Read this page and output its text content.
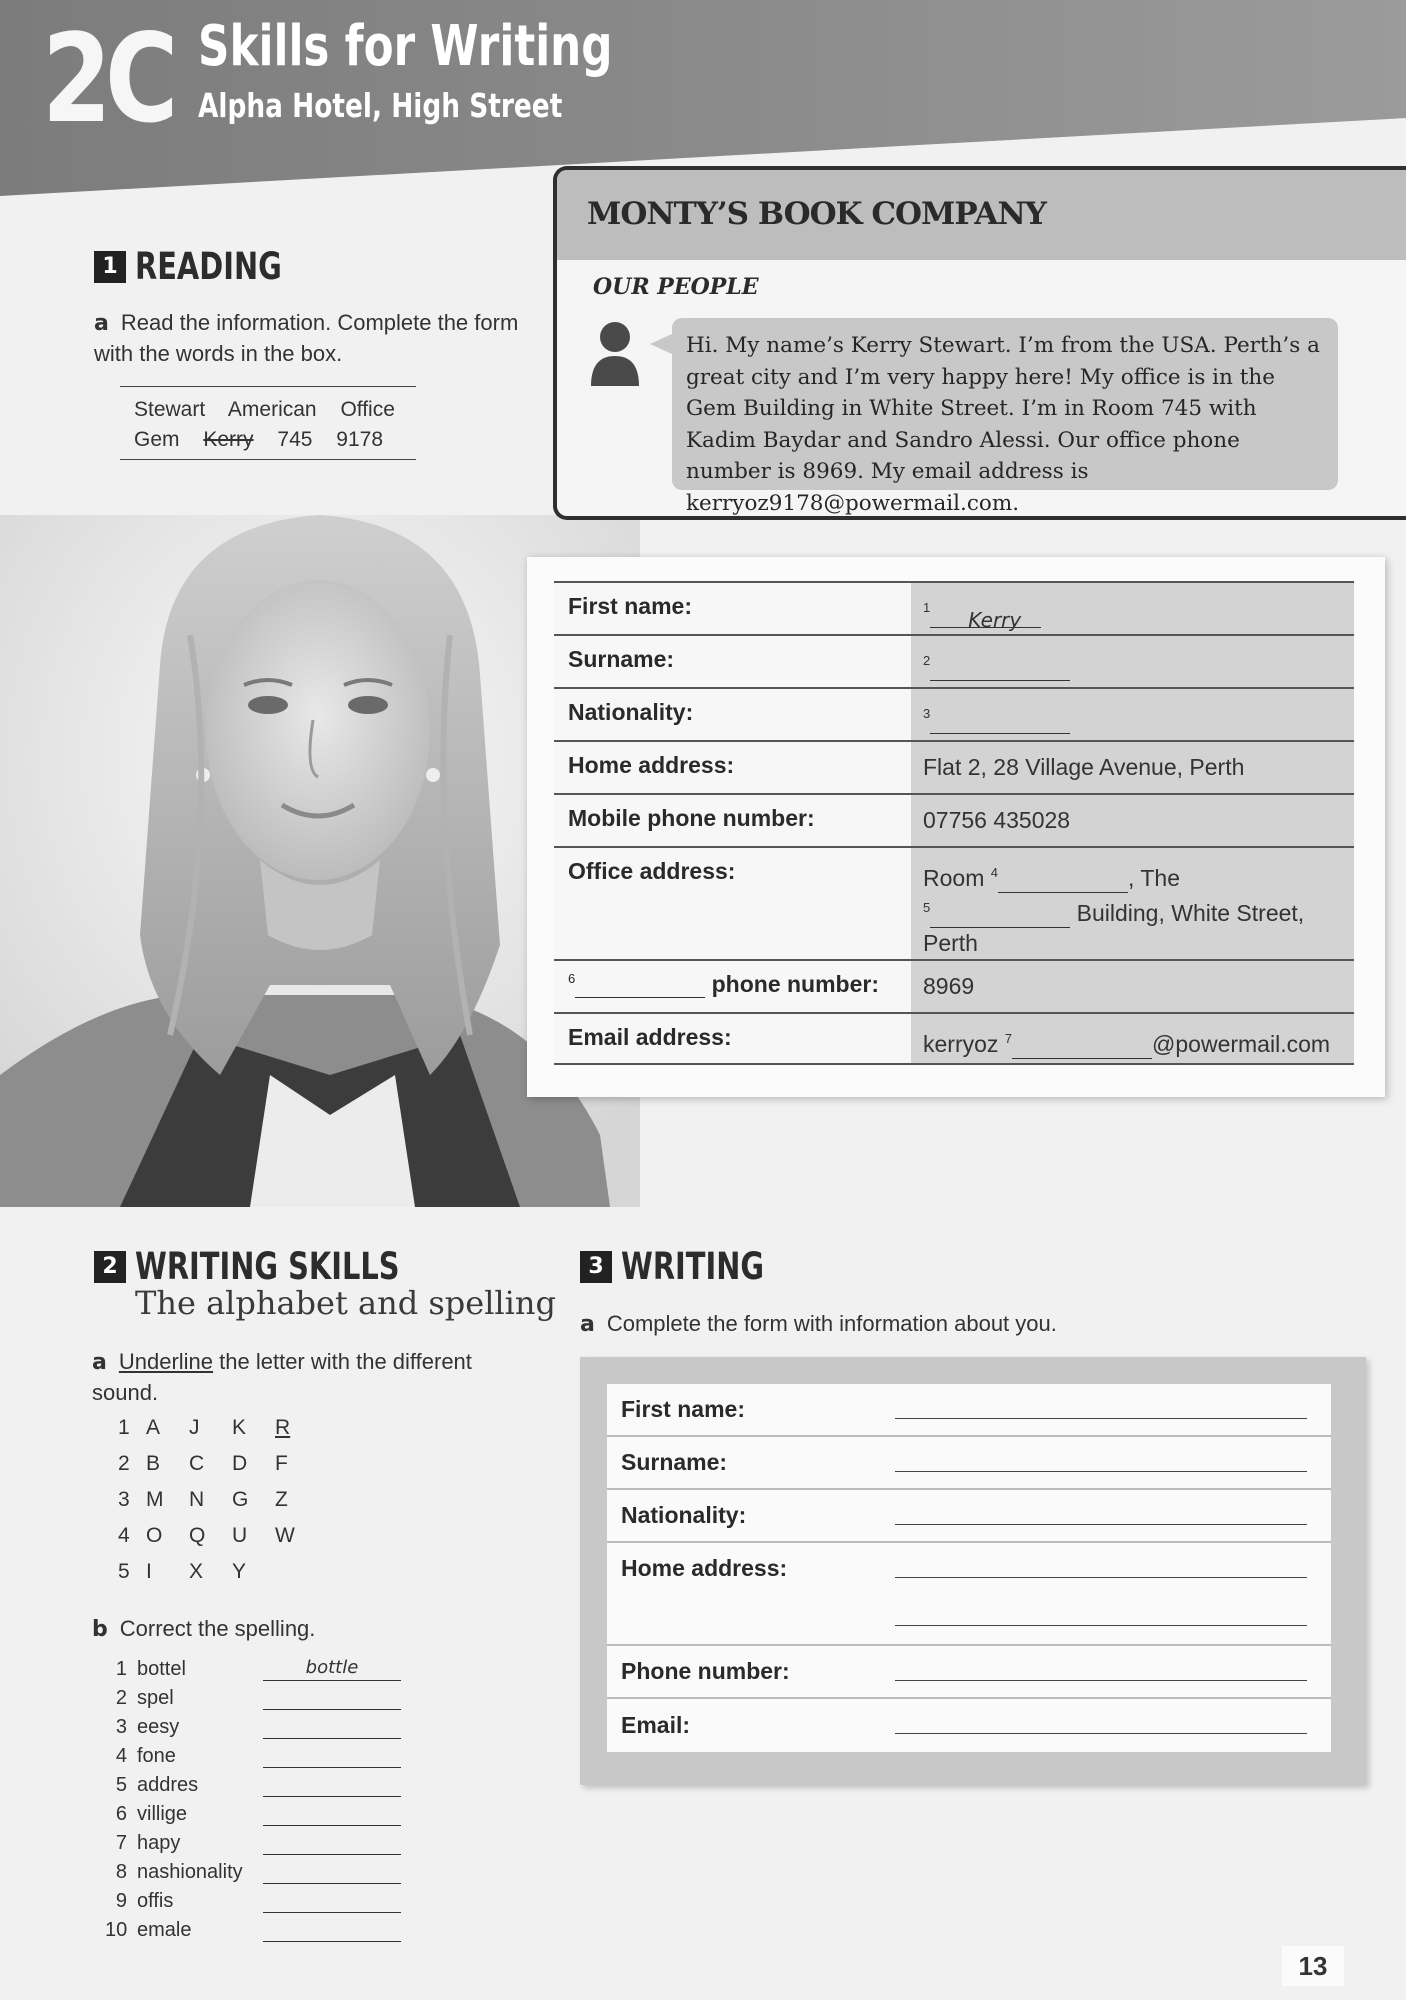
2C Skills for Writing
Alpha Hotel, High Street
1 READING
a Read the information. Complete the form with the words in the box.
Stewart American Office
Gem Kerry 745 9178
MONTY’S BOOK COMPANY
OUR PEOPLE
Hi. My name’s Kerry Stewart. I’m from the USA. Perth’s a great city and I’m very happy here! My office is in the Gem Building in White Street. I’m in Room 745 with Kadim Baydar and Sandro Alessi. Our office phone number is 8969. My email address is kerryoz9178@powermail.com.
First name:	$^1$Kerry
Surname:	$^2$
Nationality:	$^3$
Home address:	Flat 2, 28 Village Avenue, Perth
Mobile phone number:	07756 435028
Office address:	Room $^4$	, The
$^5$	Building, White Street,
Perth
$^6$	phone number:	8969
Email address:	kerryoz $^7$	@powermail.com
2 WRITING SKILLS
The alphabet and spelling
a Underline the letter with the different sound.
1 A	J	K	R
2 B	C	D	F
3 M	N	G	Z
4 O	Q	U	W
5 I	X	Y
b Correct the spelling.
1 bottel	bottle
2 spel
3 eesy
4 fone
5 addres
6 villige
7 hapy
8 nashionality
9 offis
10 emale
3 WRITING
a Complete the form with information about you.
First name:
Surname:
Nationality:
Home address:
Phone number:
Email:
13
